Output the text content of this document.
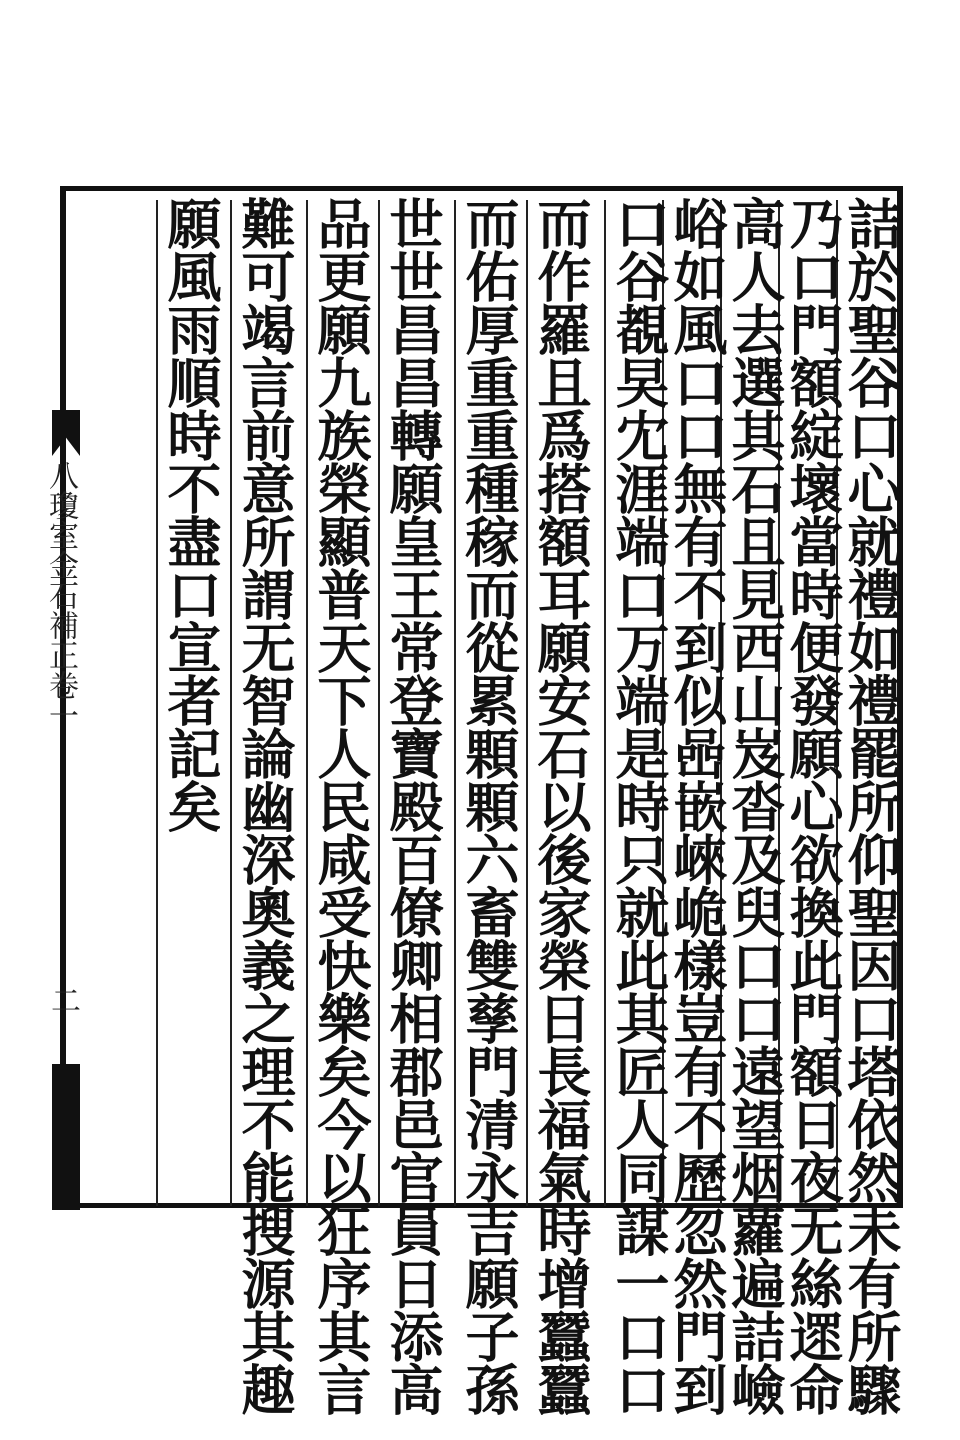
八瓊室金石補正卷一
二	詰於聖谷口心就禮如禮罷所仰聖因口塔依然未有所驟
乃口門額綻壞當時便發願心欲換此門額日夜无絲遝命
高人去選其石且見西山岌沓及臾口口遠望烟蘿遍詰嶮
峪如風口口無有不到似喦嵌崍峗樣豈有不歷忽然門到
口谷覩旲冘涯端口万端是時只就此其匠人同謀一口口
而作羅且爲搭額耳願安石以後家榮日長福氣時增蠶蠶
而佑厚重重種稼而從累顆顆六畜雙孳門清永吉願子孫
世世昌昌轉願皇王常登寶殿百僚卿相郡邑官員日添高
品更願九族榮顯普天下人民咸受快樂矣今以狂序其言
難可竭言前意所謂无智論幽深奧義之理不能搜源其趣
願風雨順時不盡口宣者記矣
